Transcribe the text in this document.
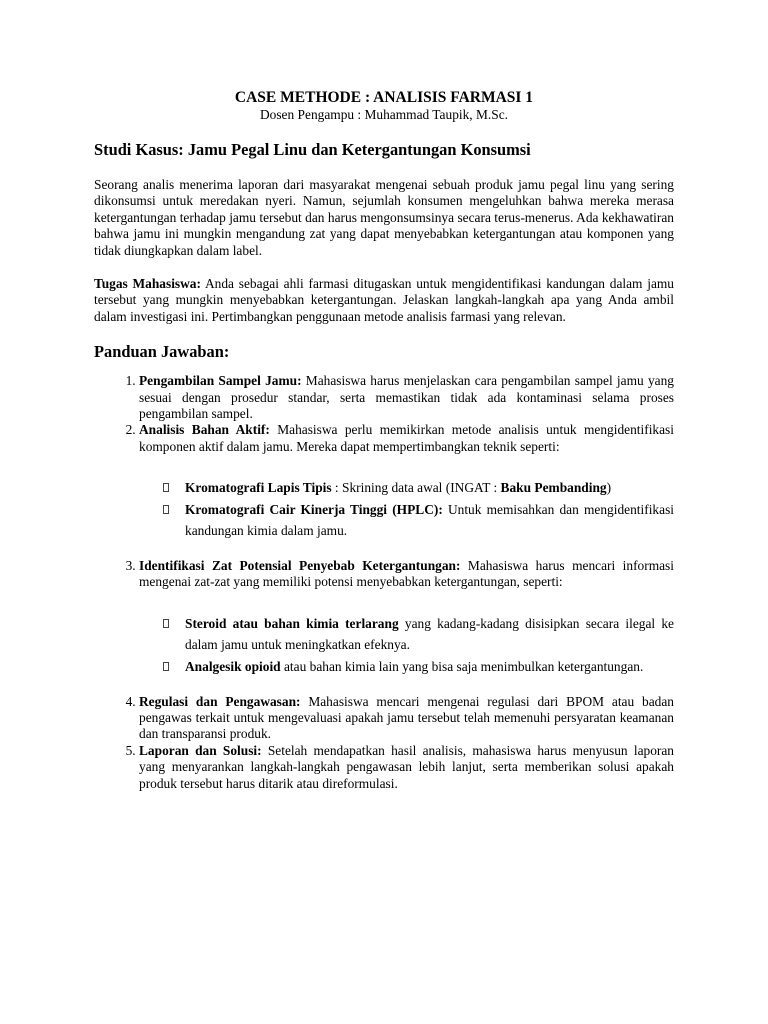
CASE METHODE : ANALISIS FARMASI 1
Dosen Pengampu : Muhammad Taupik, M.Sc.
Studi Kasus: Jamu Pegal Linu dan Ketergantungan Konsumsi

Seorang analis menerima laporan dari masyarakat mengenai sebuah produk jamu pegal linu yang sering dikonsumsi untuk meredakan nyeri. Namun, sejumlah konsumen mengeluhkan bahwa mereka merasa ketergantungan terhadap jamu tersebut dan harus mengonsumsinya secara terus-menerus. Ada kekhawatiran bahwa jamu ini mungkin mengandung zat yang dapat menyebabkan ketergantungan atau komponen yang tidak diungkapkan dalam label.

Tugas Mahasiswa: Anda sebagai ahli farmasi ditugaskan untuk mengidentifikasi kandungan dalam jamu tersebut yang mungkin menyebabkan ketergantungan. Jelaskan langkah-langkah apa yang Anda ambil dalam investigasi ini. Pertimbangkan penggunaan metode analisis farmasi yang relevan.

Panduan Jawaban:
1. Pengambilan Sampel Jamu: Mahasiswa harus menjelaskan cara pengambilan sampel jamu yang sesuai dengan prosedur standar, serta memastikan tidak ada kontaminasi selama proses pengambilan sampel.
2. Analisis Bahan Aktif: Mahasiswa perlu memikirkan metode analisis untuk mengidentifikasi komponen aktif dalam jamu. Mereka dapat mempertimbangkan teknik seperti:
Kromatografi Lapis Tipis : Skrining data awal (INGAT : Baku Pembanding)
Kromatografi Cair Kinerja Tinggi (HPLC): Untuk memisahkan dan mengidentifikasi kandungan kimia dalam jamu.
3. Identifikasi Zat Potensial Penyebab Ketergantungan: Mahasiswa harus mencari informasi mengenai zat-zat yang memiliki potensi menyebabkan ketergantungan, seperti:
Steroid atau bahan kimia terlarang yang kadang-kadang disisipkan secara ilegal ke dalam jamu untuk meningkatkan efeknya.
Analgesik opioid atau bahan kimia lain yang bisa saja menimbulkan ketergantungan.
4. Regulasi dan Pengawasan: Mahasiswa mencari mengenai regulasi dari BPOM atau badan pengawas terkait untuk mengevaluasi apakah jamu tersebut telah memenuhi persyaratan keamanan dan transparansi produk.
5. Laporan dan Solusi: Setelah mendapatkan hasil analisis, mahasiswa harus menyusun laporan yang menyarankan langkah-langkah pengawasan lebih lanjut, serta memberikan solusi apakah produk tersebut harus ditarik atau direformulasi.
